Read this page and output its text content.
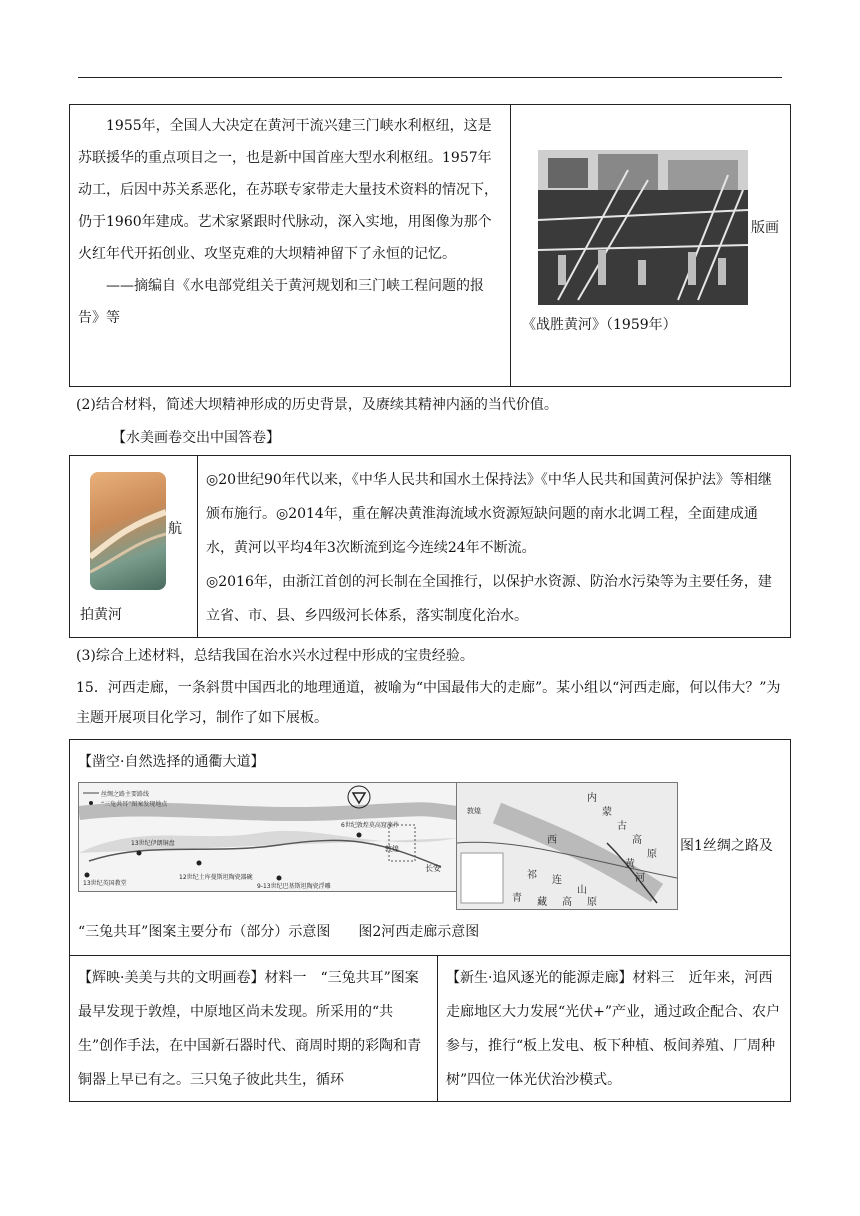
1955年，全国人大决定在黄河干流兴建三门峡水利枢纽，这是苏联援华的重点项目之一，也是新中国首座大型水利枢纽。1957年动工，后因中苏关系恶化，在苏联专家带走大量技术资料的情况下，仍于1960年建成。艺术家紧跟时代脉动，深入实地，用图像为那个火红年代开拓创业、攻坚克难的大坝精神留下了永恒的记忆。

——摘编自《水电部党组关于黄河规划和三门峡工程问题的报告》等

版画
《战胜黄河》（1959年）
(2)结合材料，简述大坝精神形成的历史背景，及赓续其精神内涵的当代价值。
【水美画卷交出中国答卷】
航
拍黄河

◎20世纪90年代以来，《中华人民共和国水土保持法》《中华人民共和国黄河保护法》等相继颁布施行。◎2014年，重在解决黄淮海流域水资源短缺问题的南水北调工程，全面建成通水，黄河以平均4年3次断流到迄今连续24年不断流。

◎2016年，由浙江首创的河长制在全国推行，以保护水资源、防治水污染等为主要任务，建立省、市、县、乡四级河长体系，落实制度化治水。

(3)综合上述材料，总结我国在治水兴水过程中形成的宝贵经验。

15．河西走廊，一条斜贯中国西北的地理通道，被喻为“中国最伟大的走廊”。某小组以“河西走廊，何以伟大？”为主题开展项目化学习，制作了如下展板。

【凿空·自然选择的通衢大道】
丝绸之路主要路线
“三兔共耳”图案发现地点
6世纪敦煌莫高窟藻井
13世纪伊朗铜盘
13世纪英国教堂
12世纪土库曼斯坦陶瓷器碗
9-13世纪巴基斯坦陶瓷浮雕
敦煌
长安
内
蒙
古
高
原
敦煌
西
祁 连
山
青 藏 高 原
黄
河
图1丝绸之路及
“三兔共耳”图案主要分布（部分）示意图　　图2河西走廊示意图

【辉映·美美与共的文明画卷】材料一　“三兔共耳”图案最早发现于敦煌，中原地区尚未发现。所采用的“共生”创作手法，在中国新石器时代、商周时期的彩陶和青铜器上早已有之。三只兔子彼此共生，循环

【新生·追风逐光的能源走廊】材料三　近年来，河西走廊地区大力发展“光伏+”产业，通过政企配合、农户参与，推行“板上发电、板下种植、板间养殖、厂周种树”四位一体光伏治沙模式。
